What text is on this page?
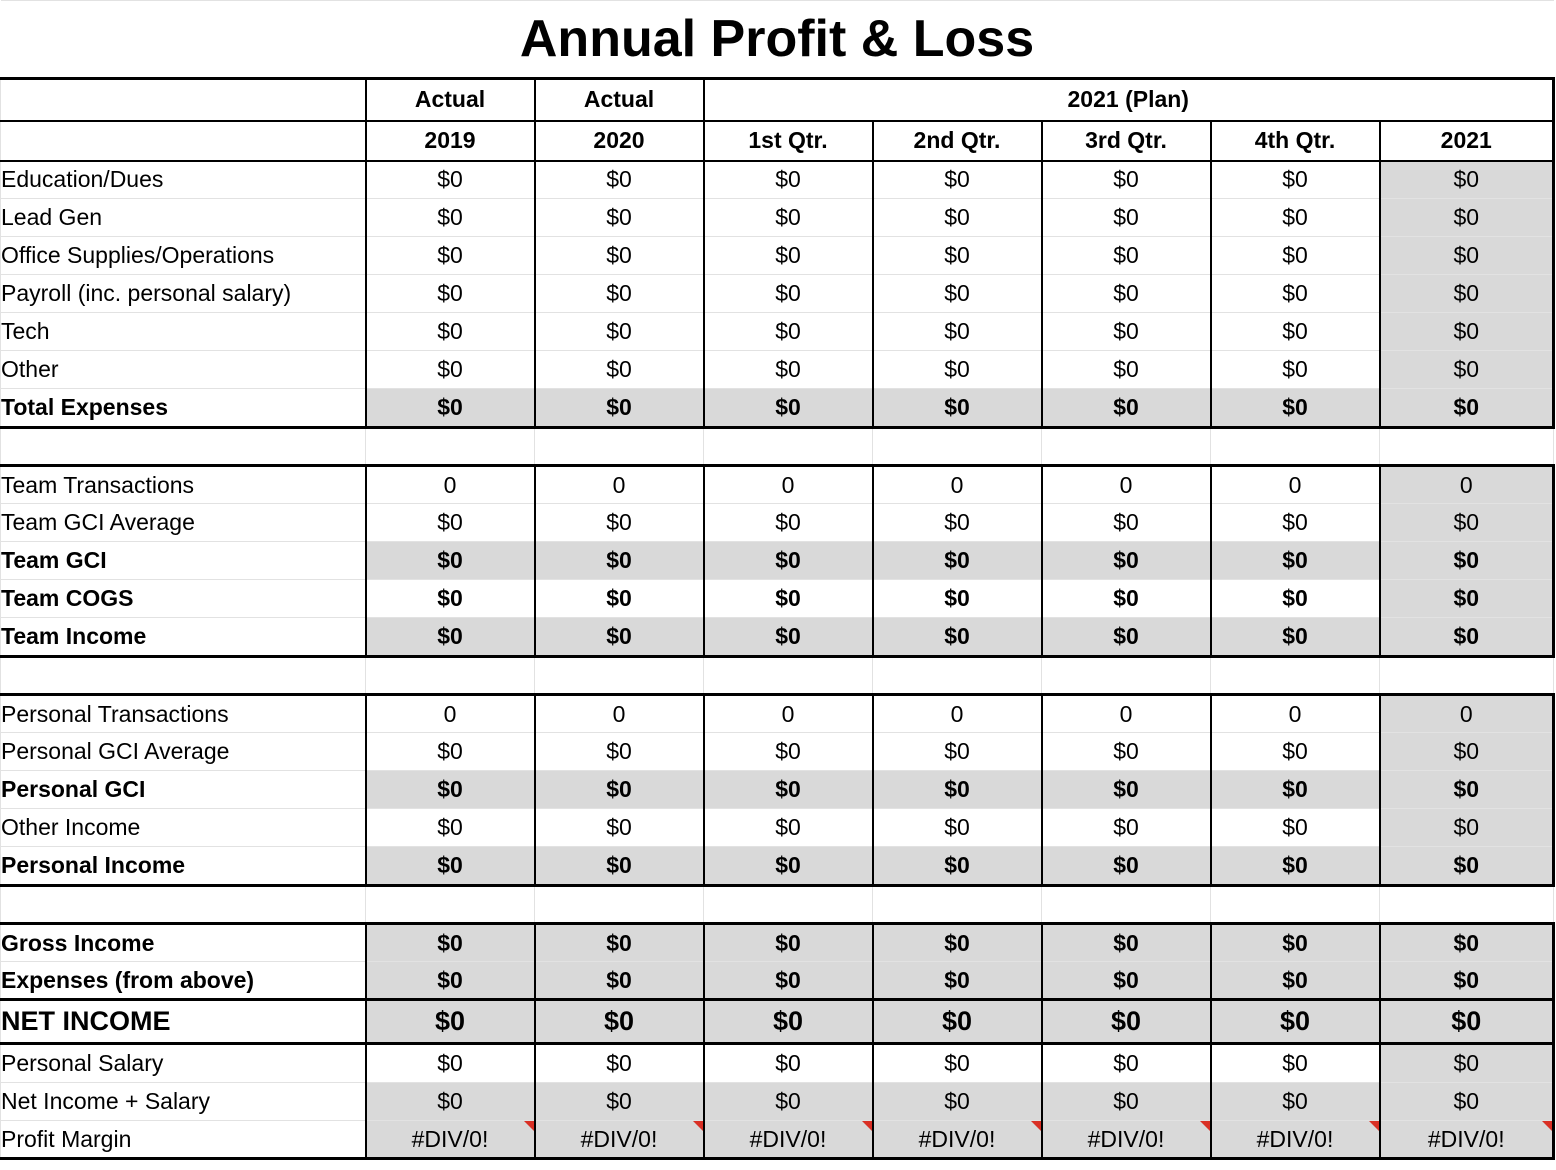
Annual Profit & Loss							
	Actual	Actual	2021 (Plan)				
	2019	2020	1st Qtr.	2nd Qtr.	3rd Qtr.	4th Qtr.	2021
Education/Dues	$0	$0	$0	$0	$0	$0	$0
Lead Gen	$0	$0	$0	$0	$0	$0	$0
Office Supplies/Operations	$0	$0	$0	$0	$0	$0	$0
Payroll (inc. personal salary)	$0	$0	$0	$0	$0	$0	$0
Tech	$0	$0	$0	$0	$0	$0	$0
Other	$0	$0	$0	$0	$0	$0	$0
Total Expenses	$0	$0	$0	$0	$0	$0	$0

Team Transactions	0	0	0	0	0	0	0
Team GCI Average	$0	$0	$0	$0	$0	$0	$0
Team GCI	$0	$0	$0	$0	$0	$0	$0
Team COGS	$0	$0	$0	$0	$0	$0	$0
Team Income	$0	$0	$0	$0	$0	$0	$0

Personal Transactions	0	0	0	0	0	0	0
Personal GCI Average	$0	$0	$0	$0	$0	$0	$0
Personal GCI	$0	$0	$0	$0	$0	$0	$0
Other Income	$0	$0	$0	$0	$0	$0	$0
Personal Income	$0	$0	$0	$0	$0	$0	$0

Gross Income	$0	$0	$0	$0	$0	$0	$0
Expenses (from above)	$0	$0	$0	$0	$0	$0	$0
NET INCOME	$0	$0	$0	$0	$0	$0	$0
Personal Salary	$0	$0	$0	$0	$0	$0	$0
Net Income + Salary	$0	$0	$0	$0	$0	$0	$0
Profit Margin	#DIV/0!	#DIV/0!	#DIV/0!	#DIV/0!	#DIV/0!	#DIV/0!	#DIV/0!
